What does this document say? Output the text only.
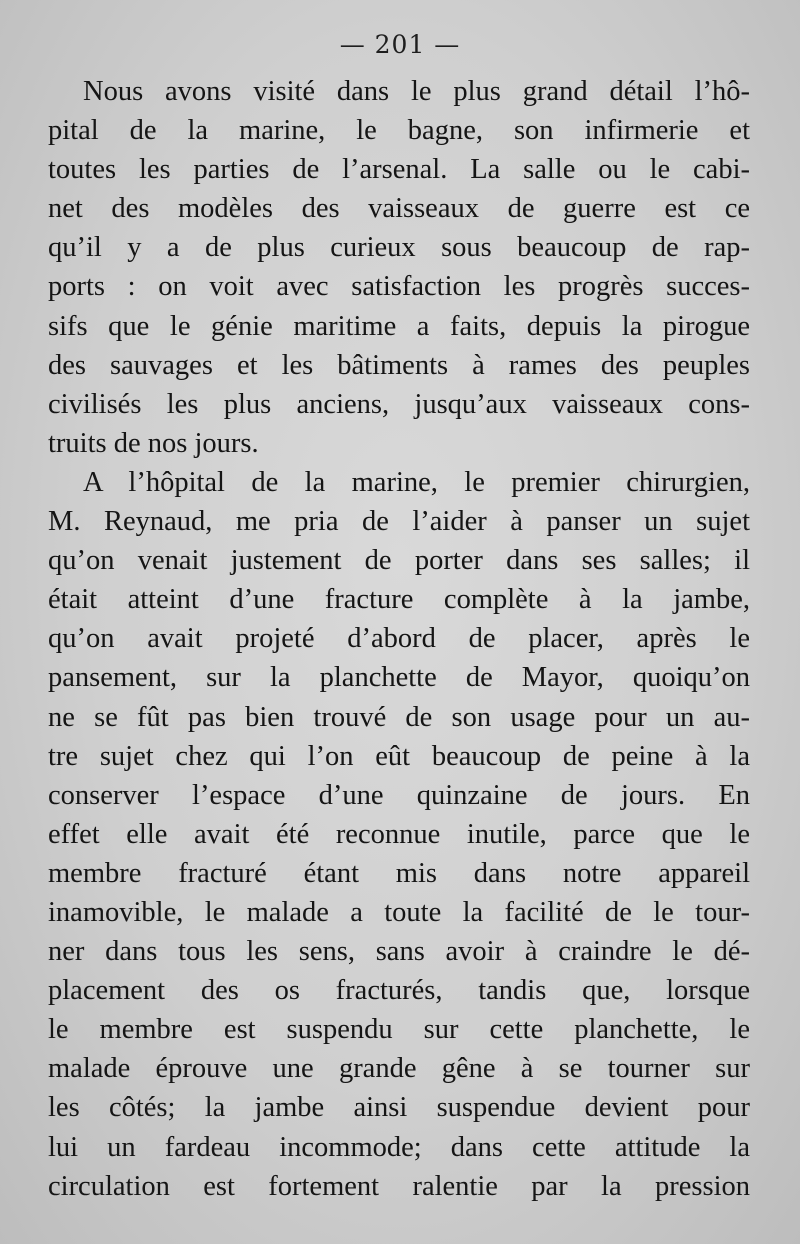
— 201 —
Nous avons visité dans le plus grand détail l’hô-
pital de la marine, le bagne, son infirmerie et
toutes les parties de l’arsenal. La salle ou le cabi-
net des modèles des vaisseaux de guerre est ce
qu’il y a de plus curieux sous beaucoup de rap-
ports : on voit avec satisfaction les progrès succes-
sifs que le génie maritime a faits, depuis la pirogue
des sauvages et les bâtiments à rames des peuples
civilisés les plus anciens, jusqu’aux vaisseaux cons-
truits de nos jours.
A l’hôpital de la marine, le premier chirurgien,
M. Reynaud, me pria de l’aider à panser un sujet
qu’on venait justement de porter dans ses salles; il
était atteint d’une fracture complète à la jambe,
qu’on avait projeté d’abord de placer, après le
pansement, sur la planchette de Mayor, quoiqu’on
ne se fût pas bien trouvé de son usage pour un au-
tre sujet chez qui l’on eût beaucoup de peine à la
conserver l’espace d’une quinzaine de jours. En
effet elle avait été reconnue inutile, parce que le
membre fracturé étant mis dans notre appareil
inamovible, le malade a toute la facilité de le tour-
ner dans tous les sens, sans avoir à craindre le dé-
placement des os fracturés, tandis que, lorsque
le membre est suspendu sur cette planchette, le
malade éprouve une grande gêne à se tourner sur
les côtés; la jambe ainsi suspendue devient pour
lui un fardeau incommode; dans cette attitude la
circulation est fortement ralentie par la pression
